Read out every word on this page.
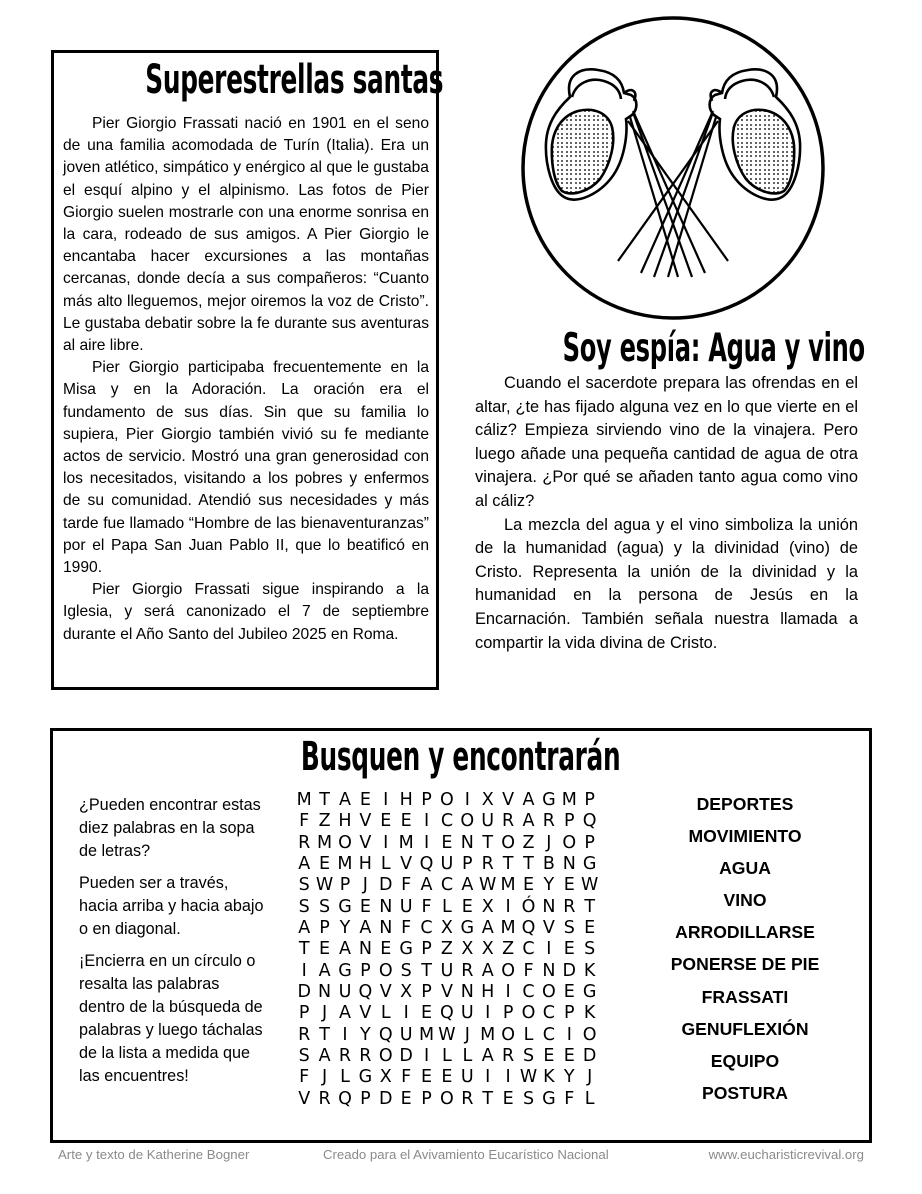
Superestrellas santas

Pier Giorgio Frassati nació en 1901 en el seno de una familia acomodada de Turín (Italia). Era un joven atlético, simpático y enérgico al que le gustaba el esquí alpino y el alpinismo. Las fotos de Pier Giorgio suelen mostrarle con una enorme sonrisa en la cara, rodeado de sus amigos. A Pier Giorgio le encantaba hacer excursiones a las montañas cercanas, donde decía a sus compañeros: “Cuanto más alto lleguemos, mejor oiremos la voz de Cristo”. Le gustaba debatir sobre la fe durante sus aventuras al aire libre.

Pier Giorgio participaba frecuentemente en la Misa y en la Adoración. La oración era el fundamento de sus días. Sin que su familia lo supiera, Pier Giorgio también vivió su fe mediante actos de servicio. Mostró una gran generosidad con los necesitados, visitando a los pobres y enfermos de su comunidad. Atendió sus necesidades y más tarde fue llamado “Hombre de las bienaventuranzas” por el Papa San Juan Pablo II, que lo beatificó en 1990.

Pier Giorgio Frassati sigue inspirando a la Iglesia, y será canonizado el 7 de septiembre durante el Año Santo del Jubileo 2025 en Roma.

Soy espía: Agua y vino

Cuando el sacerdote prepara las ofrendas en el altar, ¿te has fijado alguna vez en lo que vierte en el cáliz? Empieza sirviendo vino de la vinajera. Pero luego añade una pequeña cantidad de agua de otra vinajera. ¿Por qué se añaden tanto agua como vino al cáliz?

La mezcla del agua y el vino simboliza la unión de la humanidad (agua) y la divinidad (vino) de Cristo. Representa la unión de la divinidad y la humanidad en la persona de Jesús en la Encarnación. También señala nuestra llamada a compartir la vida divina de Cristo.

Busquen y encontrarán

¿Pueden encontrar estas diez palabras en la sopa de letras?

Pueden ser a través, hacia arriba y hacia abajo o en diagonal.

¡Encierra en un círculo o resalta las palabras dentro de la búsqueda de palabras y luego táchalas de la lista a medida que las encuentres!

M T A E I H P O I X V A G M P
F Z H V E E I C O U R A R P Q
R M O V I M I E N T O Z J O P
A E M H L V Q U P R T T B N G
S W P J D F A C A W M E Y E W
S S G E N U F L E X I Ó N R T
A P Y A N F C X G A M Q V S E
T E A N E G P Z X X Z C I E S
I A G P O S T U R A O F N D K
D N U Q V X P V N H I C O E G
P J A V L I E Q U I P O C P K
R T I Y Q U M W J M O L C I O
S A R R O D I L L A R S E E D
F J L G X F E E U I I W K Y J
V R Q P D E P O R T E S G F L
DEPORTES
MOVIMIENTO
AGUA
VINO
ARRODILLARSE
PONERSE DE PIE
FRASSATI
GENUFLEXIÓN
EQUIPO
POSTURA
Arte y texto de Katherine Bogner	Creado para el Avivamiento Eucarístico Nacional	www.eucharisticrevival.org
